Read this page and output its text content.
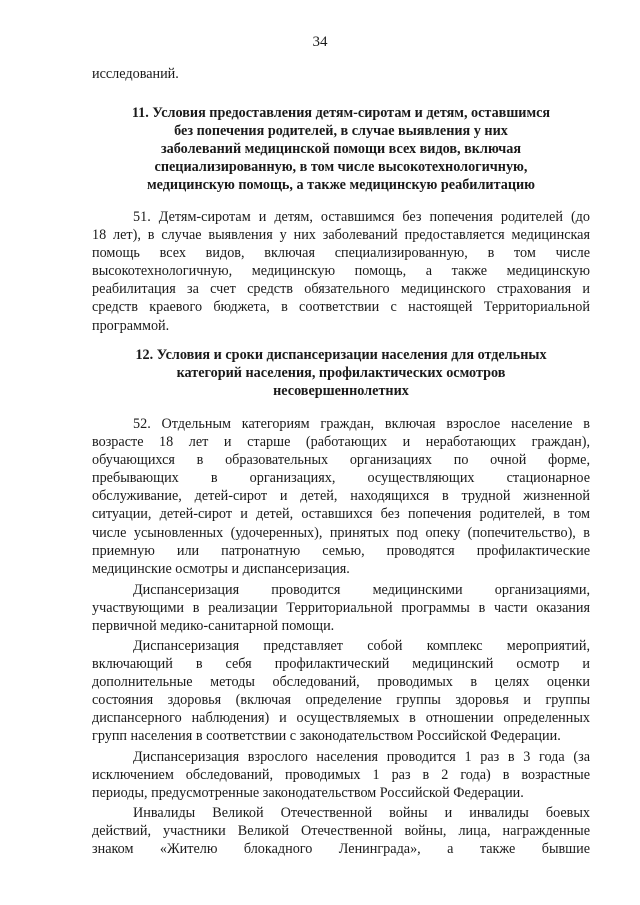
34

исследований.

11. Условия предоставления детям-сиротам и детям, оставшимся
без попечения родителей, в случае выявления у них
заболеваний медицинской помощи всех видов, включая
специализированную, в том числе высокотехнологичную,
медицинскую помощь, а также медицинскую реабилитацию
51. Детям-сиротам и детям, оставшимся без попечения родителей (до
18 лет), в случае выявления у них заболеваний предоставляется медицинская
помощь всех видов, включая специализированную, в том числе
высокотехнологичную, медицинскую помощь, а также медицинскую
реабилитация за счет средств обязательного медицинского страхования и
средств краевого бюджета, в соответствии с настоящей Территориальной
программой.
12. Условия и сроки диспансеризации населения для отдельных
категорий населения, профилактических осмотров
несовершеннолетних
52. Отдельным категориям граждан, включая взрослое население в
возрасте 18 лет и старше (работающих и неработающих граждан),
обучающихся в образовательных организациях по очной форме,
пребывающих в организациях, осуществляющих стационарное
обслуживание, детей-сирот и детей, находящихся в трудной жизненной
ситуации, детей-сирот и детей, оставшихся без попечения родителей, в том
числе усыновленных (удочеренных), принятых под опеку (попечительство), в
приемную или патронатную семью, проводятся профилактические
медицинские осмотры и диспансеризация.
Диспансеризация проводится медицинскими организациями,
участвующими в реализации Территориальной программы в части оказания
первичной медико-санитарной помощи.
Диспансеризация представляет собой комплекс мероприятий,
включающий в себя профилактический медицинский осмотр и
дополнительные методы обследований, проводимых в целях оценки
состояния здоровья (включая определение группы здоровья и группы
диспансерного наблюдения) и осуществляемых в отношении определенных
групп населения в соответствии с законодательством Российской Федерации.
Диспансеризация взрослого населения проводится 1 раз в 3 года (за
исключением обследований, проводимых 1 раз в 2 года) в возрастные
периоды, предусмотренные законодательством Российской Федерации.
Инвалиды Великой Отечественной войны и инвалиды боевых
действий, участники Великой Отечественной войны, лица, награжденные
знаком «Жителю блокадного Ленинграда», а также бывшие
